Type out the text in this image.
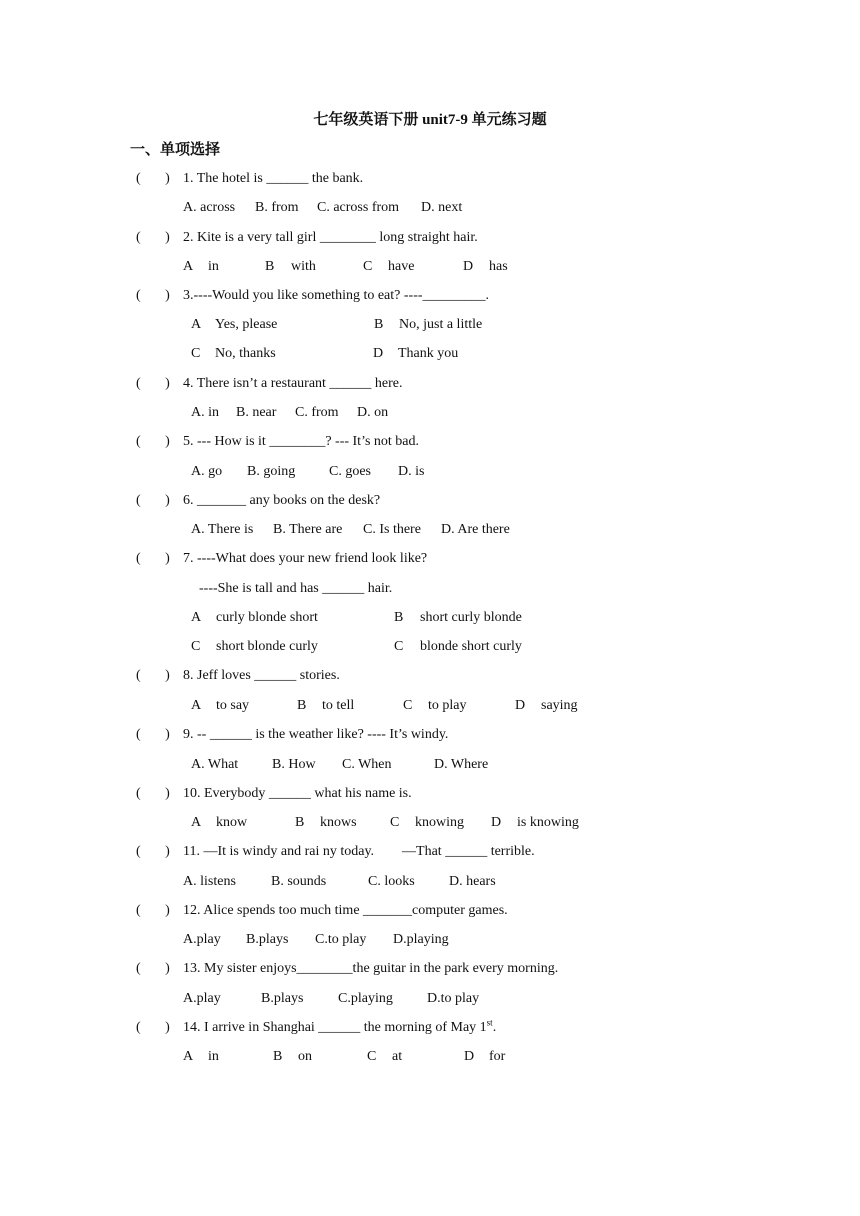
七年级英语下册 unit7-9 单元练习题
一、单项选择
(       ) 1. The hotel is ______ the bank.
A. across B. from C. across from D. next
(       ) 2. Kite is a very tall girl ________ long straight hair.
A in	B with	C have	D has
(       ) 3.----Would you like something to eat? ----_________.
A Yes, please	B No, just a little
C No, thanks	D Thank you
(       ) 4. There isn’t a restaurant ______ here.
A. in B. near C. from D. on
(       ) 5. --- How is it ________? --- It’s not bad.
A. go B. going C. goes D. is
(       ) 6. _______ any books on the desk?
A. There is B. There are C. Is there D. Are there
(       ) 7. ----What does your new friend look like?
----She is tall and has ______ hair.
A curly blonde short	B short curly blonde
C short blonde curly	C blonde short curly
(       ) 8. Jeff loves ______ stories.
A to say	B to tell	C to play	D saying
(       ) 9. -- ______ is the weather like? ---- It’s windy.
A. What B. How C. When	D. Where
(       ) 10. Everybody ______ what his name is.
A know	B knows C knowing D is knowing
(       ) 11. —It is windy and rai ny today.        —That ______ terrible.
A. listens	B. sounds	C. looks D. hears
(       ) 12. Alice spends too much time _______computer games.
A.play B.plays C.to play D.playing
(       ) 13. My sister enjoys________the guitar in the park every morning.
A.play	B.plays C.playing D.to play
(       ) 14. I arrive in Shanghai ______ the morning of May 1st.
A in	B on	C at	D for
